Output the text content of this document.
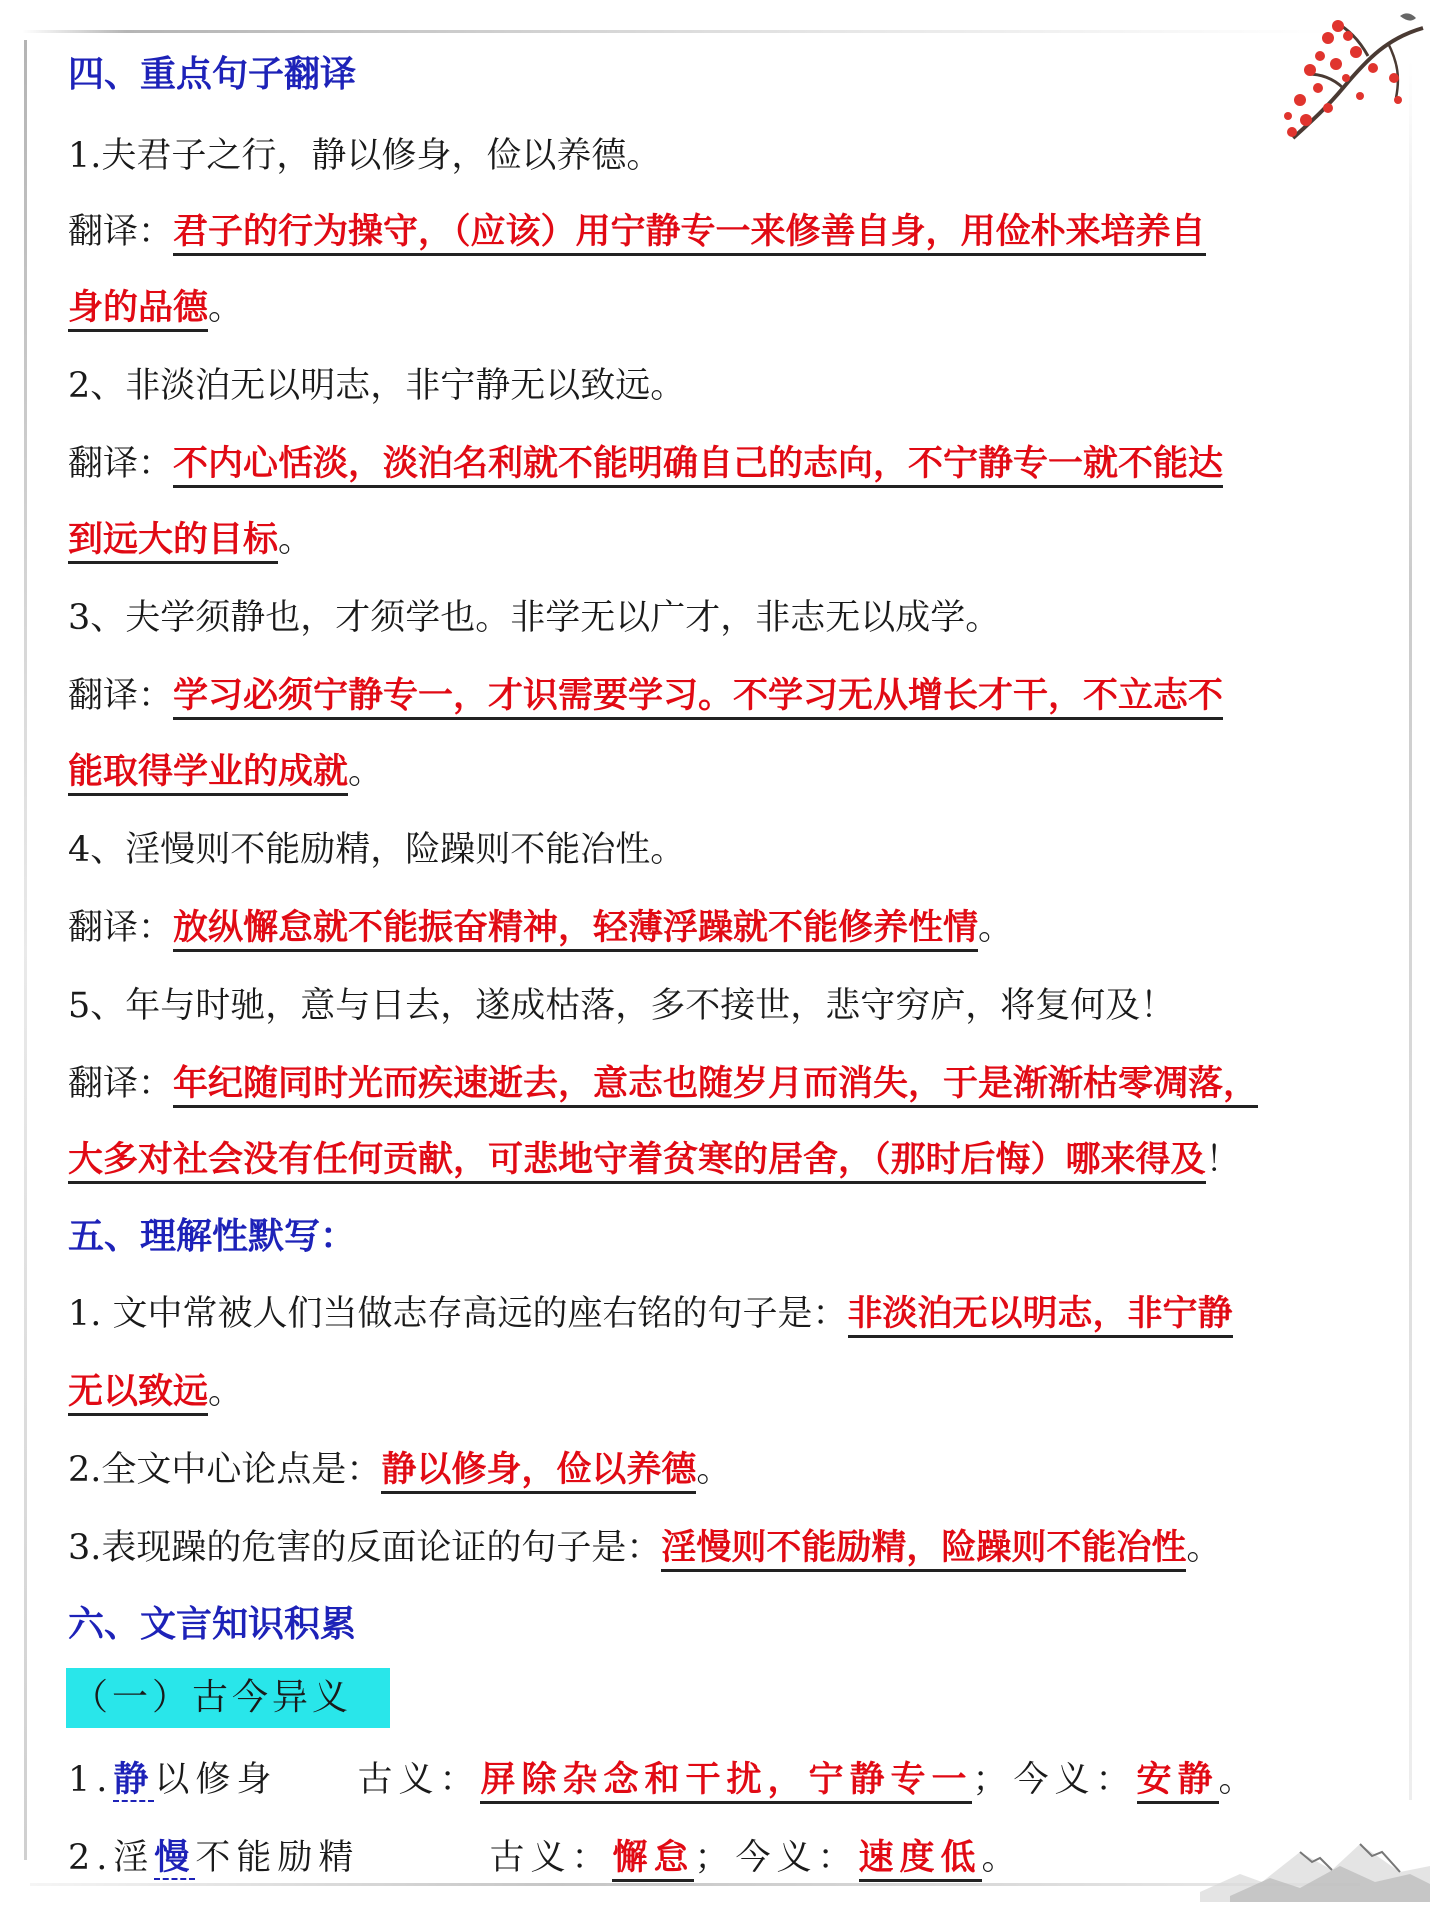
四、重点句子翻译
1.夫君子之行，静以修身，俭以养德。
翻译：君子的行为操守，（应该）用宁静专一来修善自身，用俭朴来培养自
身的品德。
2、非淡泊无以明志，非宁静无以致远。
翻译：不内心恬淡，淡泊名利就不能明确自己的志向，不宁静专一就不能达
到远大的目标。
3、夫学须静也，才须学也。非学无以广才，非志无以成学。
翻译：学习必须宁静专一，才识需要学习。不学习无从增长才干，不立志不
能取得学业的成就。
4、淫慢则不能励精，险躁则不能冶性。
翻译：放纵懈怠就不能振奋精神，轻薄浮躁就不能修养性情。
5、年与时驰，意与日去，遂成枯落，多不接世，悲守穷庐，将复何及！
翻译：年纪随同时光而疾速逝去，意志也随岁月而消失，于是渐渐枯零凋落，
大多对社会没有任何贡献，可悲地守着贫寒的居舍，（那时后悔）哪来得及！
五、理解性默写：
1. 文中常被人们当做志存高远的座右铭的句子是：非淡泊无以明志，非宁静
无以致远。
2.全文中心论点是：静以修身，俭以养德。
3.表现躁的危害的反面论证的句子是：淫慢则不能励精，险躁则不能冶性。
六、文言知识积累
（一）古今异义
1.静以修身 古义：屏除杂念和干扰，宁静专一；今义：安静。
2.淫慢不能励精	古义：懈怠；今义：速度低。
